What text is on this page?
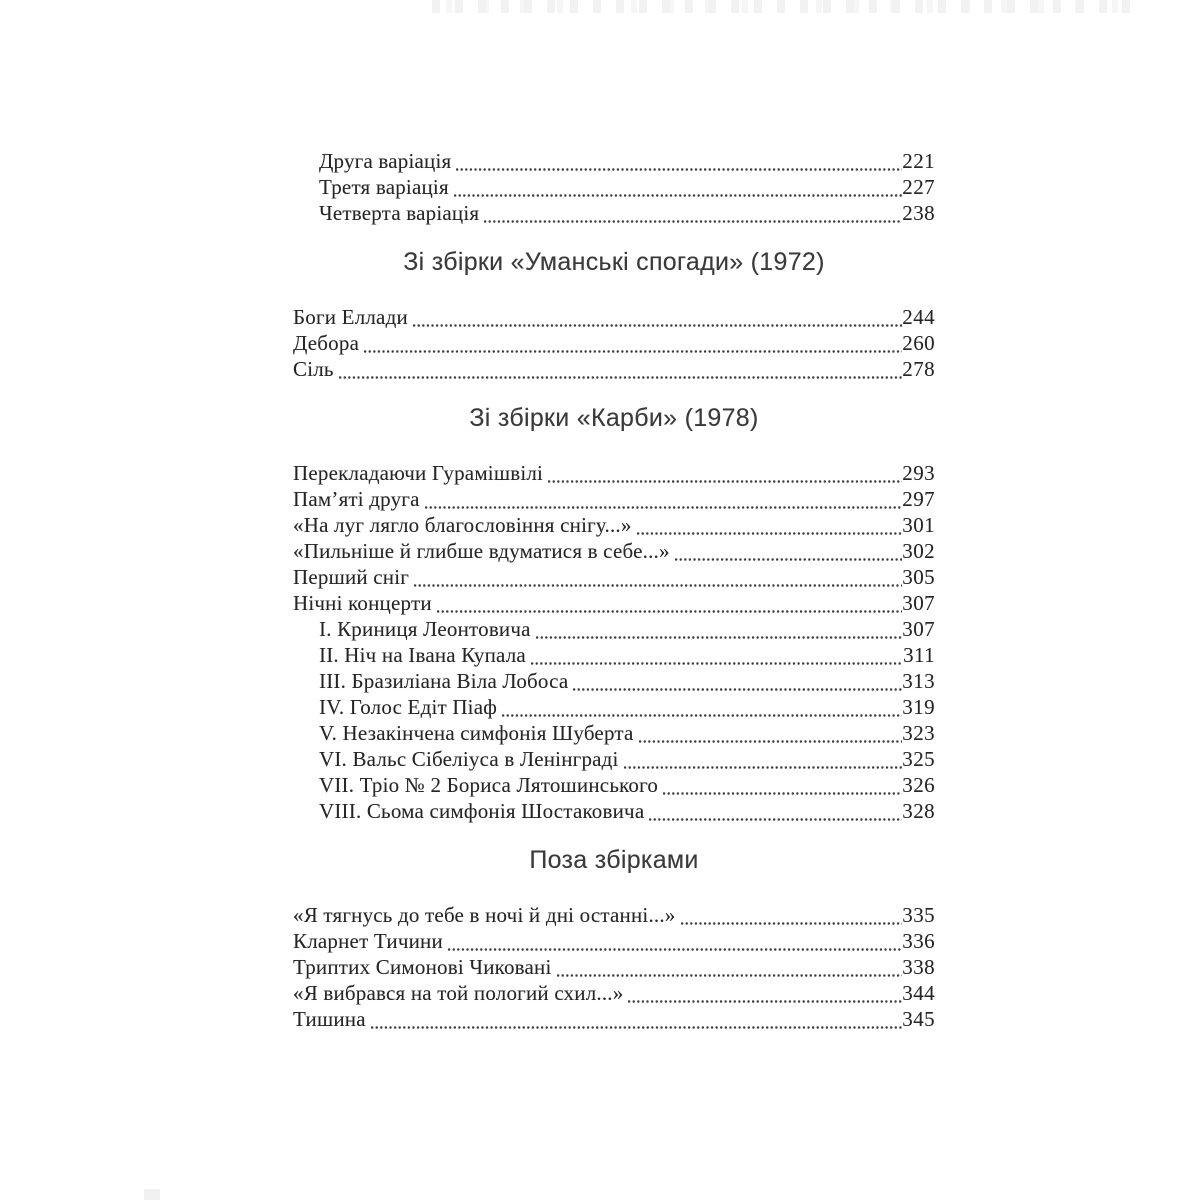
Друга варіація	221
Третя варіація	227
Четверта варіація	238
Зі збірки «Уманські спогади» (1972)
Боги Еллади	244
Дебора	260
Сіль	278
Зі збірки «Карби» (1978)
Перекладаючи Гурамішвілі	293
Пам’яті друга	297
«На луг лягло благословіння снігу...»	301
«Пильніше й глибше вдуматися в себе...»	302
Перший сніг	305
Нічні концерти	307
I. Криниця Леонтовича	307
II. Ніч на Івана Купала	311
III. Бразиліана Віла Лобоса	313
IV. Голос Едіт Піаф	319
V. Незакінчена симфонія Шуберта	323
VI. Вальс Сібеліуса в Ленінграді	325
VII. Тріо № 2 Бориса Лятошинського	326
VIII. Сьома симфонія Шостаковича	328
Поза збірками
«Я тягнусь до тебе в ночі й дні останні...»	335
Кларнет Тичини	336
Триптих Симонові Чиковані	338
«Я вибрався на той пологий схил...»	344
Тишина	345
